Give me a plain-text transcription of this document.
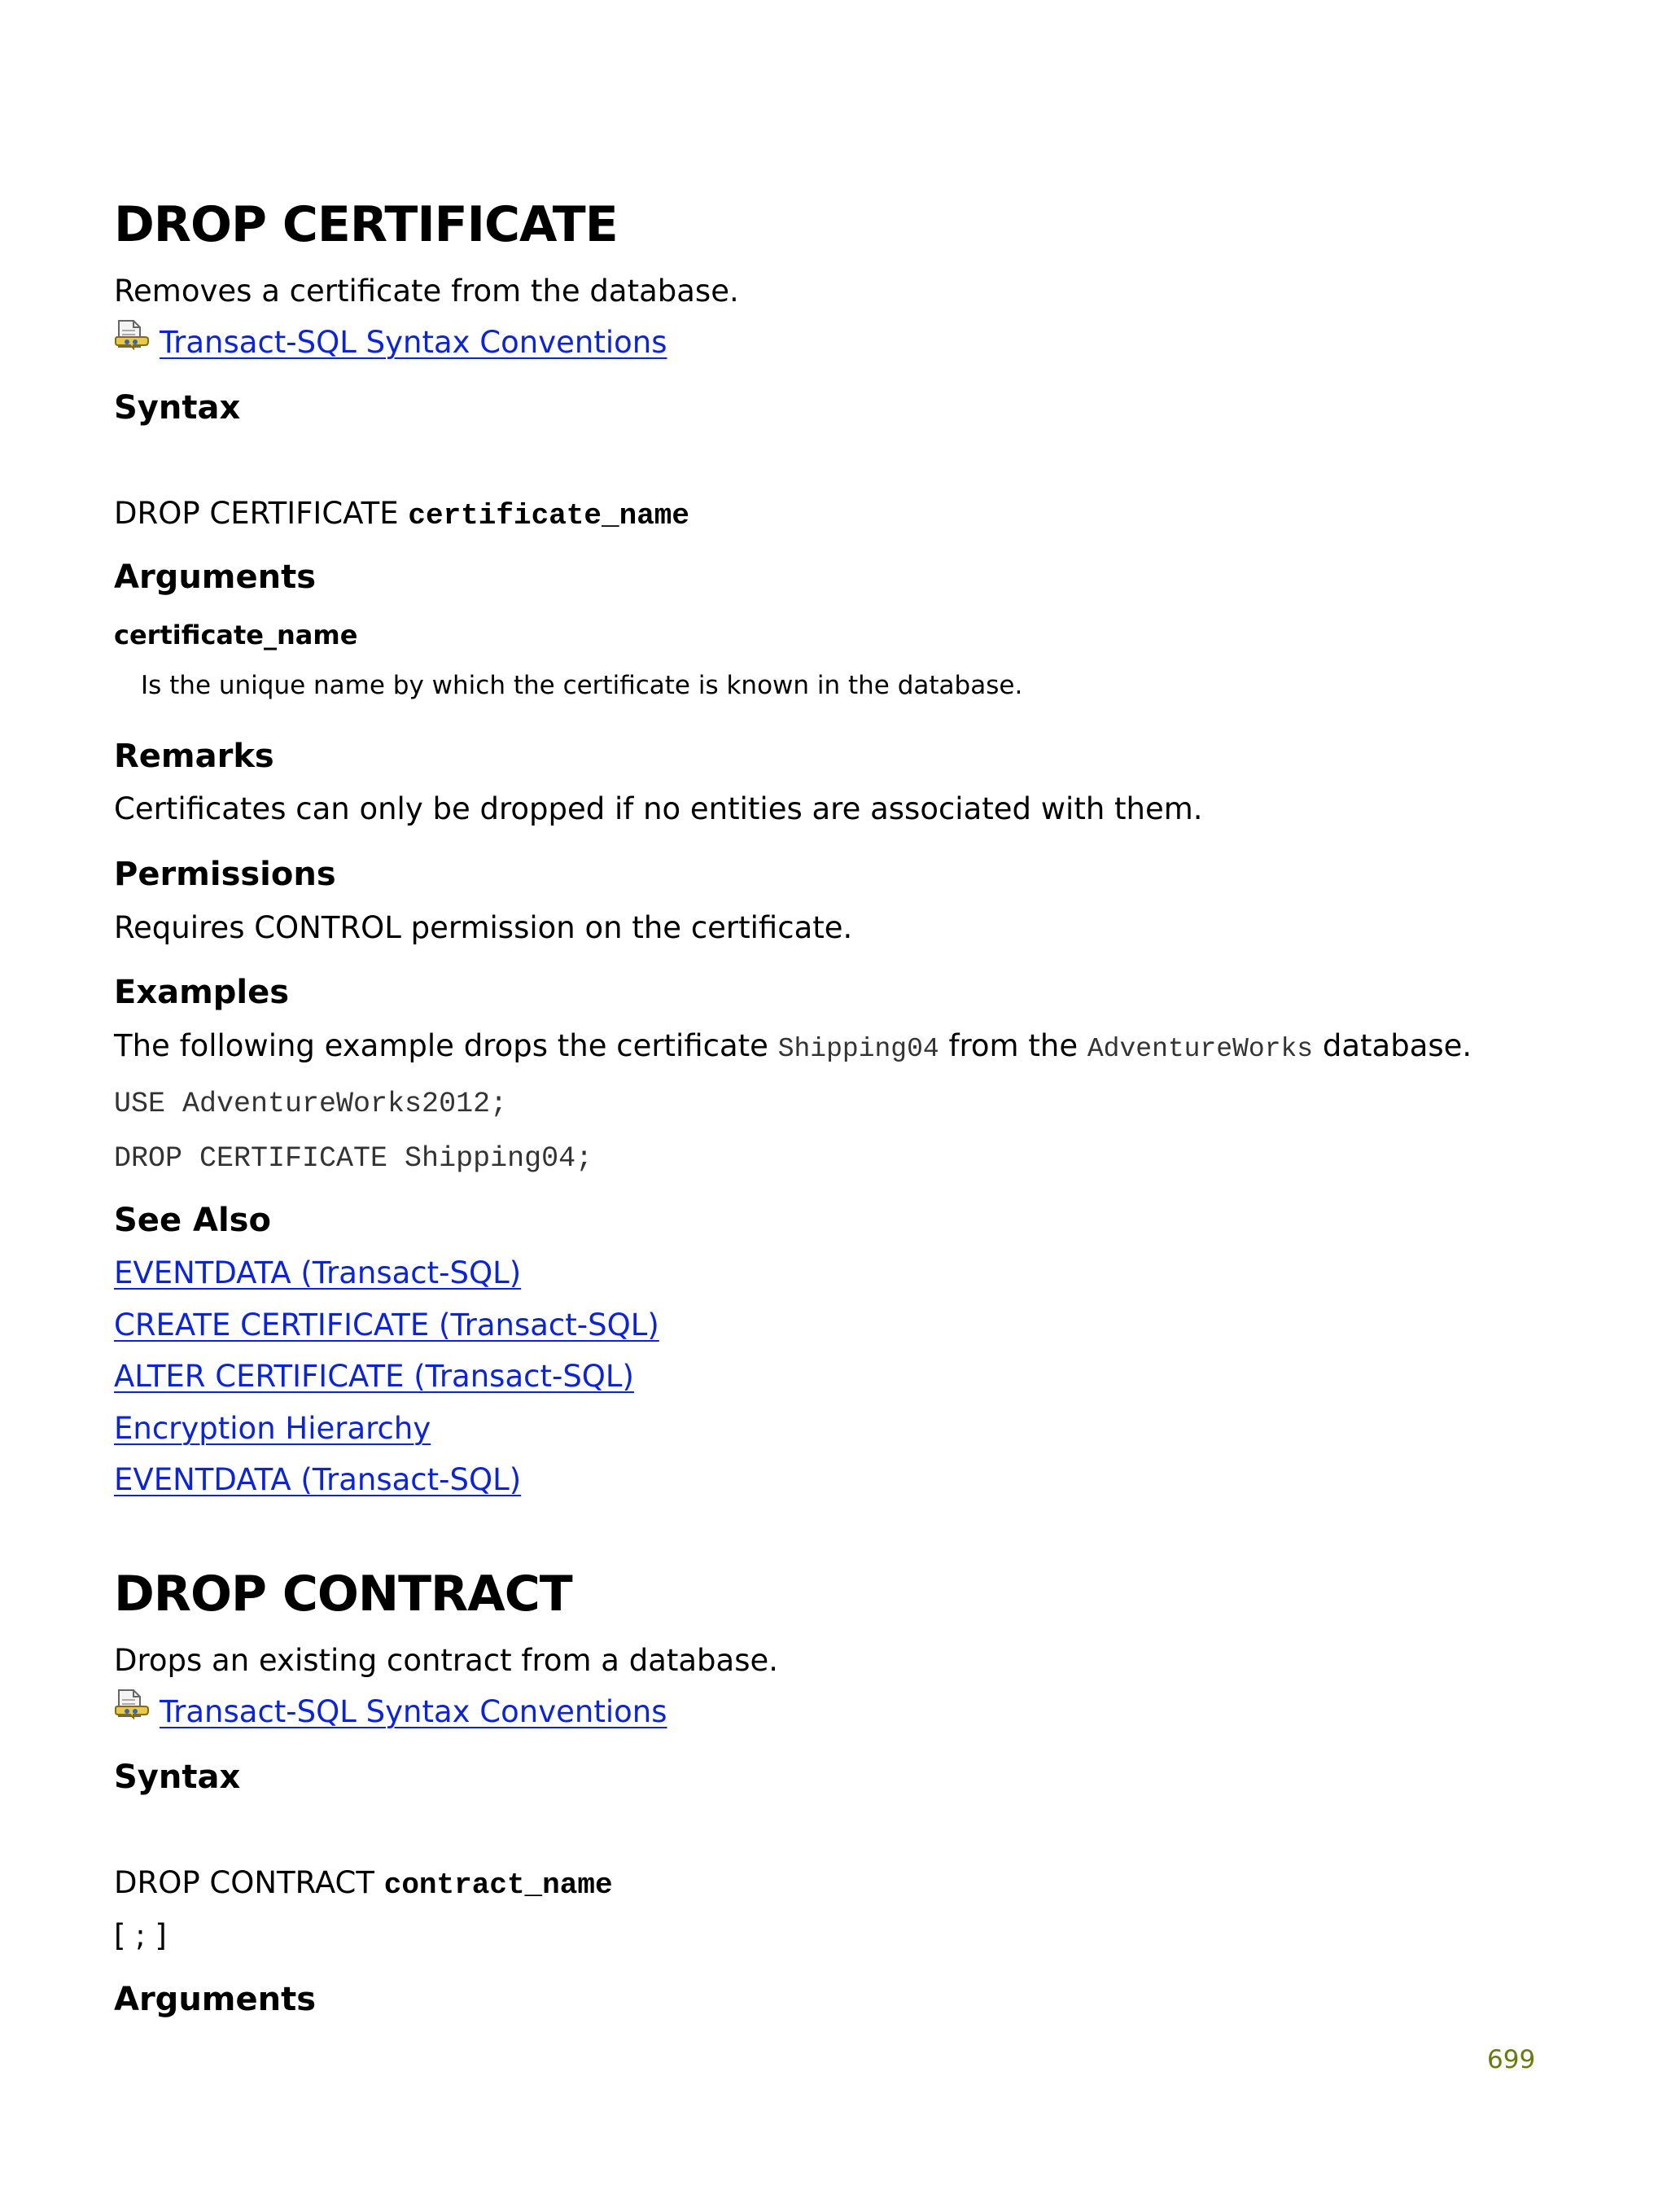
DROP CERTIFICATE
Removes a certificate from the database.
Transact-SQL Syntax Conventions
Syntax
DROP CERTIFICATE certificate_name
Arguments
certificate_name
Is the unique name by which the certificate is known in the database.
Remarks
Certificates can only be dropped if no entities are associated with them.
Permissions
Requires CONTROL permission on the certificate.
Examples
The following example drops the certificate Shipping04 from the AdventureWorks database.
USE AdventureWorks2012;
DROP CERTIFICATE Shipping04;
See Also
EVENTDATA (Transact-SQL)
CREATE CERTIFICATE (Transact-SQL)
ALTER CERTIFICATE (Transact-SQL)
Encryption Hierarchy
EVENTDATA (Transact-SQL)
DROP CONTRACT
Drops an existing contract from a database.
Transact-SQL Syntax Conventions
Syntax
DROP CONTRACT contract_name
[ ; ]
Arguments
699
